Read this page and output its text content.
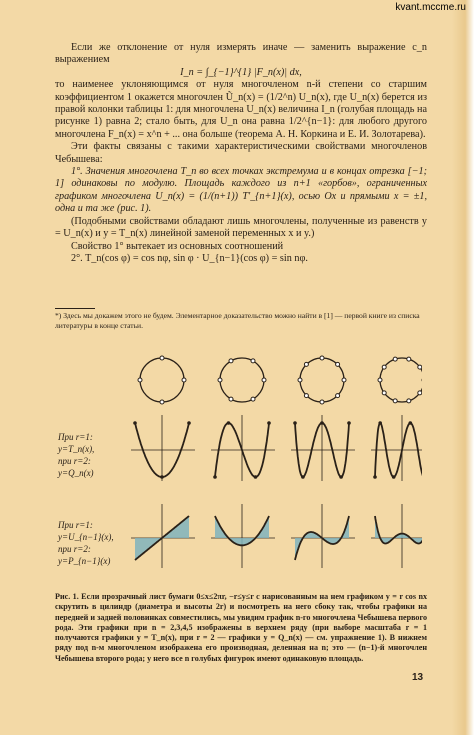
kvant.mccme.ru

Если же отклонение от нуля измерять иначе — заменить выражение c_n выражением

I_n = ∫_{−1}^{1} |F_n(x)| dx,

то наименее уклоняющимся от нуля многочленом n-й степени со старшим коэффициентом 1 окажется многочлен Ũ_n(x) = (1/2^n) U_n(x), где U_n(x) берется из правой колонки таблицы 1: для многочлена U_n(x) величина I_n (голубая площадь на рисунке 1) равна 2; стало быть, для U_n она равна 1/2^{n−1}: для любого другого многочлена F_n(x) = x^n + ... она больше (теорема А. Н. Коркина и Е. И. Золотарева).

Эти факты связаны с такими характеристическими свойствами многочленов Чебышева:

1°. Значения многочлена T_n во всех точках экстремума и в концах отрезка [−1; 1] одинаковы по модулю. Площадь каждого из n+1 «горбов», ограниченных графиком многочлена U_n(x) = (1/(n+1)) T′_{n+1}(x), осью Ox и прямыми x = ±1, одна и та же (рис. 1).

(Подобными свойствами обладают лишь многочлены, полученные из равенств y = U_n(x) и y = T_n(x) линейной заменой переменных x и y.)

Свойство 1° вытекает из основных соотношений

2°. T_n(cos φ) = cos nφ, sin φ · U_{n−1}(cos φ) = sin nφ.

*) Здесь мы докажем этого не будем. Элементарное доказательство можно найти в [1] — первой книге из списка литературы в конце статьи.
При r=1:
y=T_n(x),
при r=2:
y=Q_n(x)
При r=1:
y=U_{n−1}(x),
при r=2:
y=P_{n−1}(x)
Рис. 1. Если прозрачный лист бумаги 0≤x≤2πr, −r≤y≤r с нарисованным на нем графиком y = r cos nx скрутить в цилиндр (диаметра и высоты 2r) и посмотреть на него сбоку так, чтобы графики на передней и задней половинках совместились, мы увидим график n-го многочлена Чебышева первого рода. Эти графики при n = 2,3,4,5 изображены в верхнем ряду (при выборе масштаба r = 1 получаются графики y = T_n(x), при r = 2 — графики y = Q_n(x) — см. упражнение 1). В нижнем ряду под n-м многочленом изображена его производная, деленная на n; это — (n−1)-й многочлен Чебышева второго рода; у него все n голубых фигурок имеют одинаковую площадь.
13
